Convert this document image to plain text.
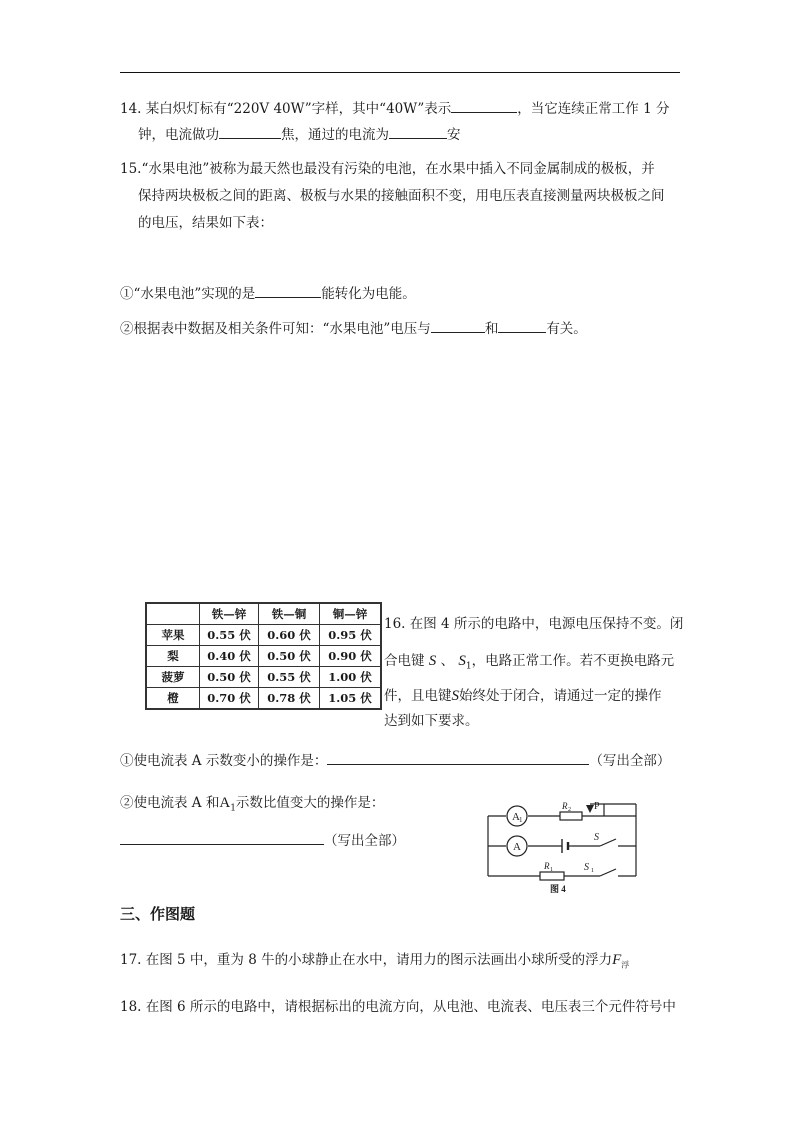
14. 某白炽灯标有“220V 40W”字样，其中“40W”表示	，当它连续正常工作 1 分
钟，电流做功	焦，通过的电流为	安
15.“水果电池”被称为最天然也最没有污染的电池，在水果中插入不同金属制成的极板，并
保持两块极板之间的距离、极板与水果的接触面积不变，用电压表直接测量两块极板之间
的电压，结果如下表：
①“水果电池”实现的是	能转化为电能。
②根据表中数据及相关条件可知：“水果电池”电压与	和	有关。
	铁—锌	铁—铜	铜—锌
苹果	0.55 伏	0.60 伏	0.95 伏
梨	0.40 伏	0.50 伏	0.90 伏
菠萝	0.50 伏	0.55 伏	1.00 伏
橙	0.70 伏	0.78 伏	1.05 伏
16. 在图 4 所示的电路中，电源电压保持不变。闭
合电键 S 、 $S_1$，电路正常工作。若不更换电路元
件，且电键S始终处于闭合，请通过一定的操作
达到如下要求。
①使电流表 A 示数变小的操作是：	（写出全部）
②使电流表 A 和$A_1$示数比值变大的操作是：
（写出全部）
A 1
R 2 P
A
S
R 1	S 1
图 4
三、作图题
17. 在图 5 中，重为 8 牛的小球静止在水中，请用力的图示法画出小球所受的浮力$F_浮$
18. 在图 6 所示的电路中，请根据标出的电流方向，从电池、电流表、电压表三个元件符号中
